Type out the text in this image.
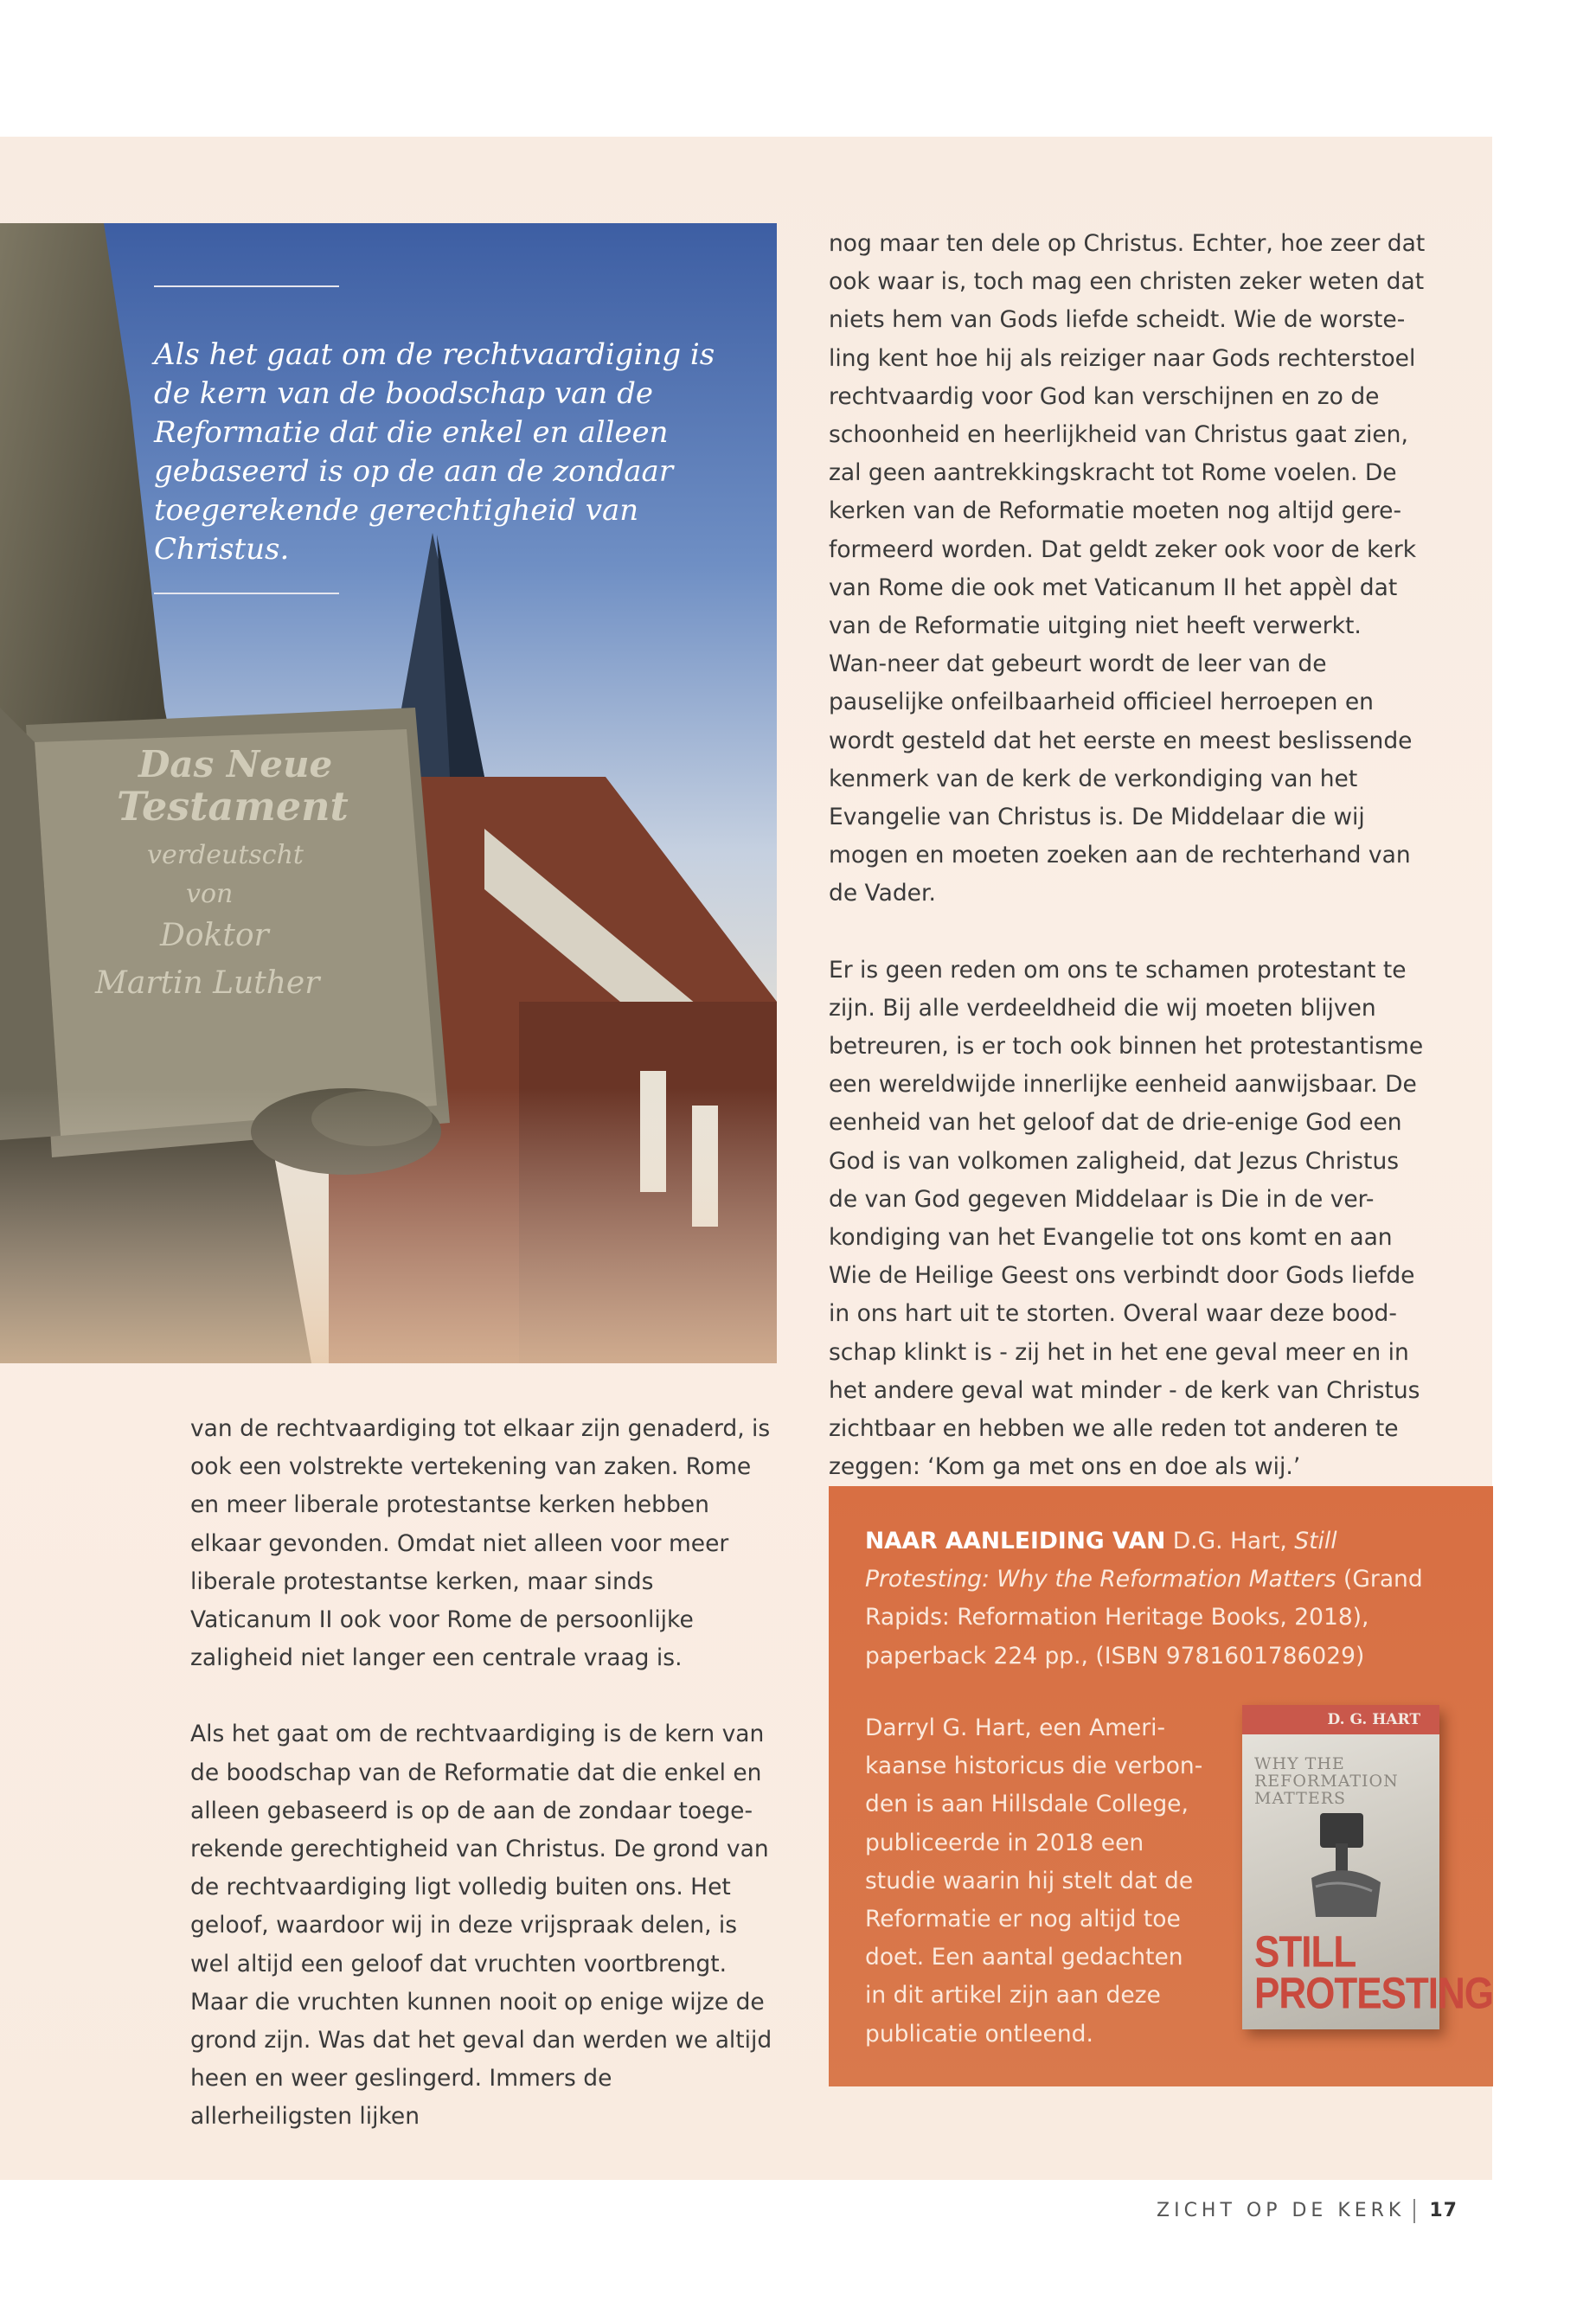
Das Neue
Testament
verdeutscht
von
Doktor
Martin Luther
Als het gaat om de rechtvaardiging is de kern van de boodschap van de Reformatie dat die enkel en alleen gebaseerd is op de aan de zondaar toegerekende gerechtigheid van Christus.

van de rechtvaardiging tot elkaar zijn genaderd, is ook een volstrekte vertekening van zaken. Rome en meer liberale protestantse kerken hebben elkaar gevonden. Omdat niet alleen voor meer liberale protestantse kerken, maar sinds Vaticanum II ook voor Rome de persoonlijke zaligheid niet langer een centrale vraag is.

Als het gaat om de rechtvaardiging is de kern van de boodschap van de Reformatie dat die enkel en alleen gebaseerd is op de aan de zondaar toege-rekende gerechtigheid van Christus. De grond van de rechtvaardiging ligt volledig buiten ons. Het geloof, waardoor wij in deze vrijspraak delen, is wel altijd een geloof dat vruchten voortbrengt. Maar die vruchten kunnen nooit op enige wijze de grond zijn. Was dat het geval dan werden we altijd heen en weer geslingerd. Immers de allerheiligsten lijken

nog maar ten dele op Christus. Echter, hoe zeer dat ook waar is, toch mag een christen zeker weten dat niets hem van Gods liefde scheidt. Wie de worste-ling kent hoe hij als reiziger naar Gods rechterstoel rechtvaardig voor God kan verschijnen en zo de schoonheid en heerlijkheid van Christus gaat zien, zal geen aantrekkingskracht tot Rome voelen. De kerken van de Reformatie moeten nog altijd gere-formeerd worden. Dat geldt zeker ook voor de kerk van Rome die ook met Vaticanum II het appèl dat van de Reformatie uitging niet heeft verwerkt. Wan-neer dat gebeurt wordt de leer van de pauselijke onfeilbaarheid officieel herroepen en wordt gesteld dat het eerste en meest beslissende kenmerk van de kerk de verkondiging van het Evangelie van Christus is. De Middelaar die wij mogen en moeten zoeken aan de rechterhand van de Vader.

Er is geen reden om ons te schamen protestant te zijn. Bij alle verdeeldheid die wij moeten blijven betreuren, is er toch ook binnen het protestantisme een wereldwijde innerlijke eenheid aanwijsbaar. De eenheid van het geloof dat de drie-enige God een God is van volkomen zaligheid, dat Jezus Christus de van God gegeven Middelaar is Die in de ver-kondiging van het Evangelie tot ons komt en aan Wie de Heilige Geest ons verbindt door Gods liefde in ons hart uit te storten. Overal waar deze bood-schap klinkt is - zij het in het ene geval meer en in het andere geval wat minder - de kerk van Christus zichtbaar en hebben we alle reden tot anderen te zeggen: ‘Kom ga met ons en doe als wij.’

NAAR AANLEIDING VAN D.G. Hart, Still Protesting: Why the Reformation Matters (Grand Rapids: Reformation Heritage Books, 2018), paperback 224 pp., (ISBN 9781601786029)
Darryl G. Hart, een Ameri-kaanse historicus die verbon-den is aan Hillsdale College, publiceerde in 2018 een studie waarin hij stelt dat de Reformatie er nog altijd toe doet. Een aantal gedachten in dit artikel zijn aan deze publicatie ontleend.
D. G. HART
WHY THE REFORMATION MATTERS
STILL PROTESTING
ZICHT OP DE KERK 17
